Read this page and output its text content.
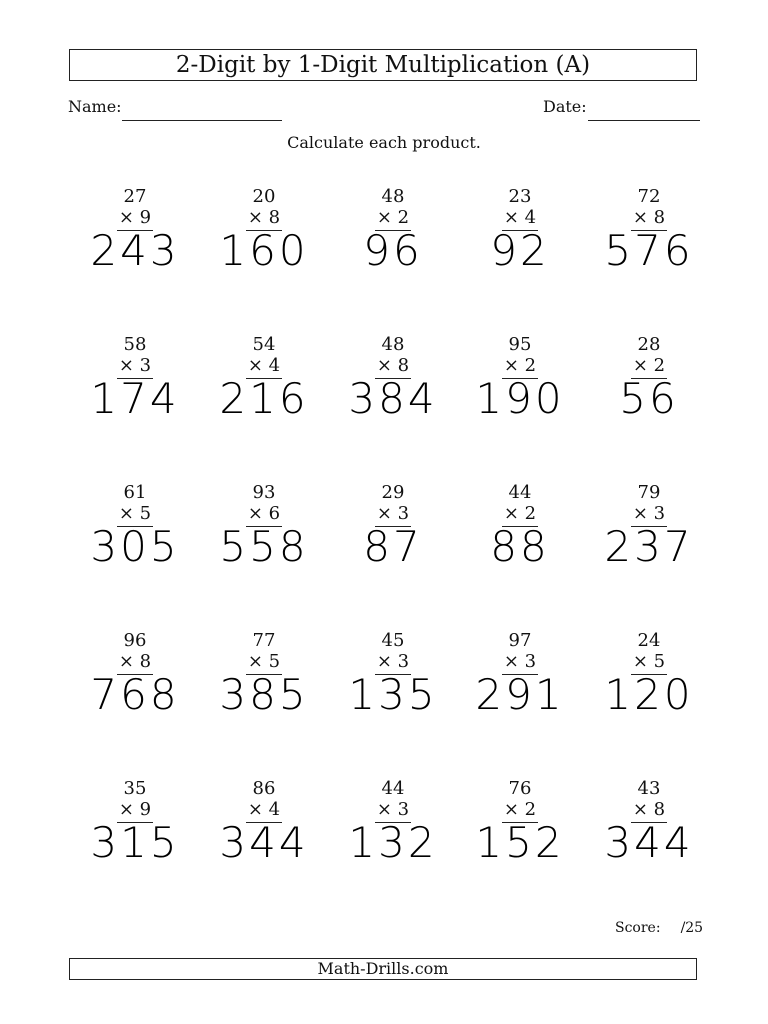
2-Digit by 1-Digit Multiplication (A)
Name:	Date:
Calculate each product.
27
× 9
243
20
× 8
160
48
× 2
96
23
× 4
92
72
× 8
576
58
× 3
174
54
× 4
216
48
× 8
384
95
× 2
190
28
× 2
56
61
× 5
305
93
× 6
558
29
× 3
87
44
× 2
88
79
× 3
237
96
× 8
768
77
× 5
385
45
× 3
135
97
× 3
291
24
× 5
120
35
× 9
315
86
× 4
344
44
× 3
132
76
× 2
152
43
× 8
344
Score: /25
Math-Drills.com
